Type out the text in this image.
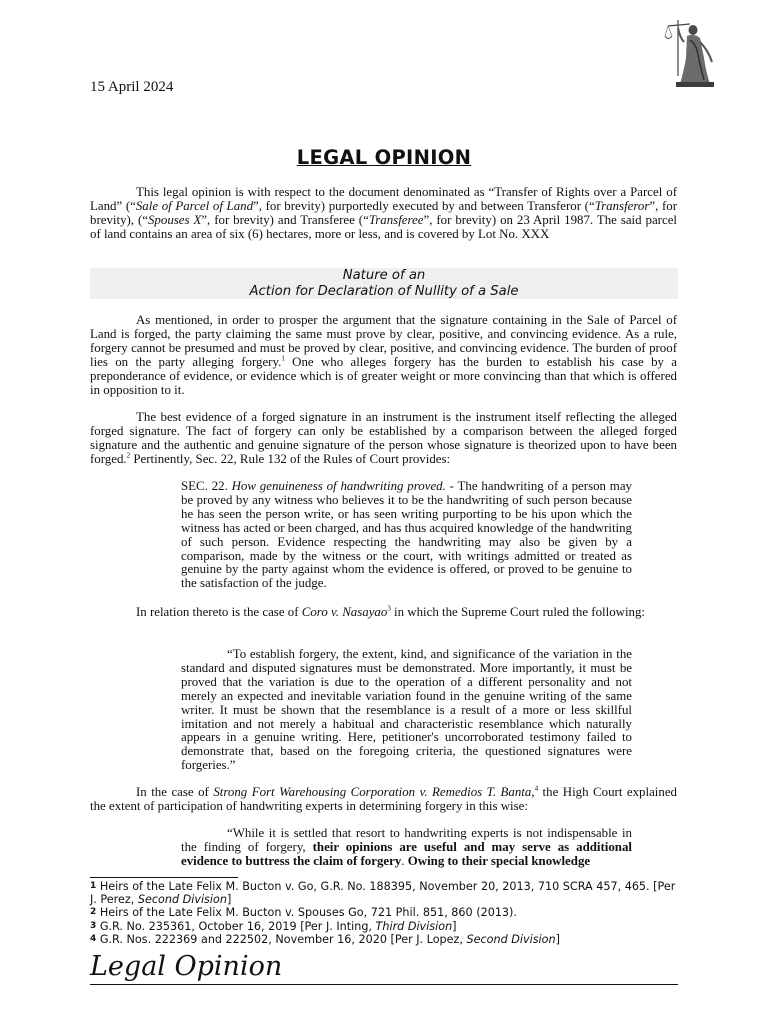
15 April 2024
LEGAL OPINION

This legal opinion is with respect to the document denominated as “Transfer of Rights over a Parcel of Land” (“Sale of Parcel of Land”, for brevity) purportedly executed by and between Transferor (“Transferor”, for brevity), (“Spouses X”, for brevity) and Transferee (“Transferee”, for brevity) on 23 April 1987. The said parcel of land contains an area of six (6) hectares, more or less, and is covered by Lot No. XXX

Nature of an
Action for Declaration of Nullity of a Sale

As mentioned, in order to prosper the argument that the signature containing in the Sale of Parcel of Land is forged, the party claiming the same must prove by clear, positive, and convincing evidence. As a rule, forgery cannot be presumed and must be proved by clear, positive, and convincing evidence. The burden of proof lies on the party alleging forgery.$^1$ One who alleges forgery has the burden to establish his case by a preponderance of evidence, or evidence which is of greater weight or more convincing than that which is offered in opposition to it.

The best evidence of a forged signature in an instrument is the instrument itself reflecting the alleged forged signature. The fact of forgery can only be established by a comparison between the alleged forged signature and the authentic and genuine signature of the person whose signature is theorized upon to have been forged.$^2$ Pertinently, Sec. 22, Rule 132 of the Rules of Court provides:

SEC. 22. How genuineness of handwriting proved. - The handwriting of a person may be proved by any witness who believes it to be the handwriting of such person because he has seen the person write, or has seen writing purporting to be his upon which the witness has acted or been charged, and has thus acquired knowledge of the handwriting of such person. Evidence respecting the handwriting may also be given by a comparison, made by the witness or the court, with writings admitted or treated as genuine by the party against whom the evidence is offered, or proved to be genuine to the satisfaction of the judge.

In relation thereto is the case of Coro v. Nasayao$^3$ in which the Supreme Court ruled the following:

“To establish forgery, the extent, kind, and significance of the variation in the standard and disputed signatures must be demonstrated. More importantly, it must be proved that the variation is due to the operation of a different personality and not merely an expected and inevitable variation found in the genuine writing of the same writer. It must be shown that the resemblance is a result of a more or less skillful imitation and not merely a habitual and characteristic resemblance which naturally appears in a genuine writing. Here, petitioner's uncorroborated testimony failed to demonstrate that, based on the foregoing criteria, the questioned signatures were forgeries.”

In the case of Strong Fort Warehousing Corporation v. Remedios T. Banta,$^4$ the High Court explained the extent of participation of handwriting experts in determining forgery in this wise:

“While it is settled that resort to handwriting experts is not indispensable in the finding of forgery, their opinions are useful and may serve as additional evidence to buttress the claim of forgery. Owing to their special knowledge

1 Heirs of the Late Felix M. Bucton v. Go, G.R. No. 188395, November 20, 2013, 710 SCRA 457, 465. [Per J. Perez, Second Division]

2 Heirs of the Late Felix M. Bucton v. Spouses Go, 721 Phil. 851, 860 (2013).

3 G.R. No. 235361, October 16, 2019 [Per J. Inting, Third Division]

4 G.R. Nos. 222369 and 222502, November 16, 2020 [Per J. Lopez, Second Division]

Legal Opinion
